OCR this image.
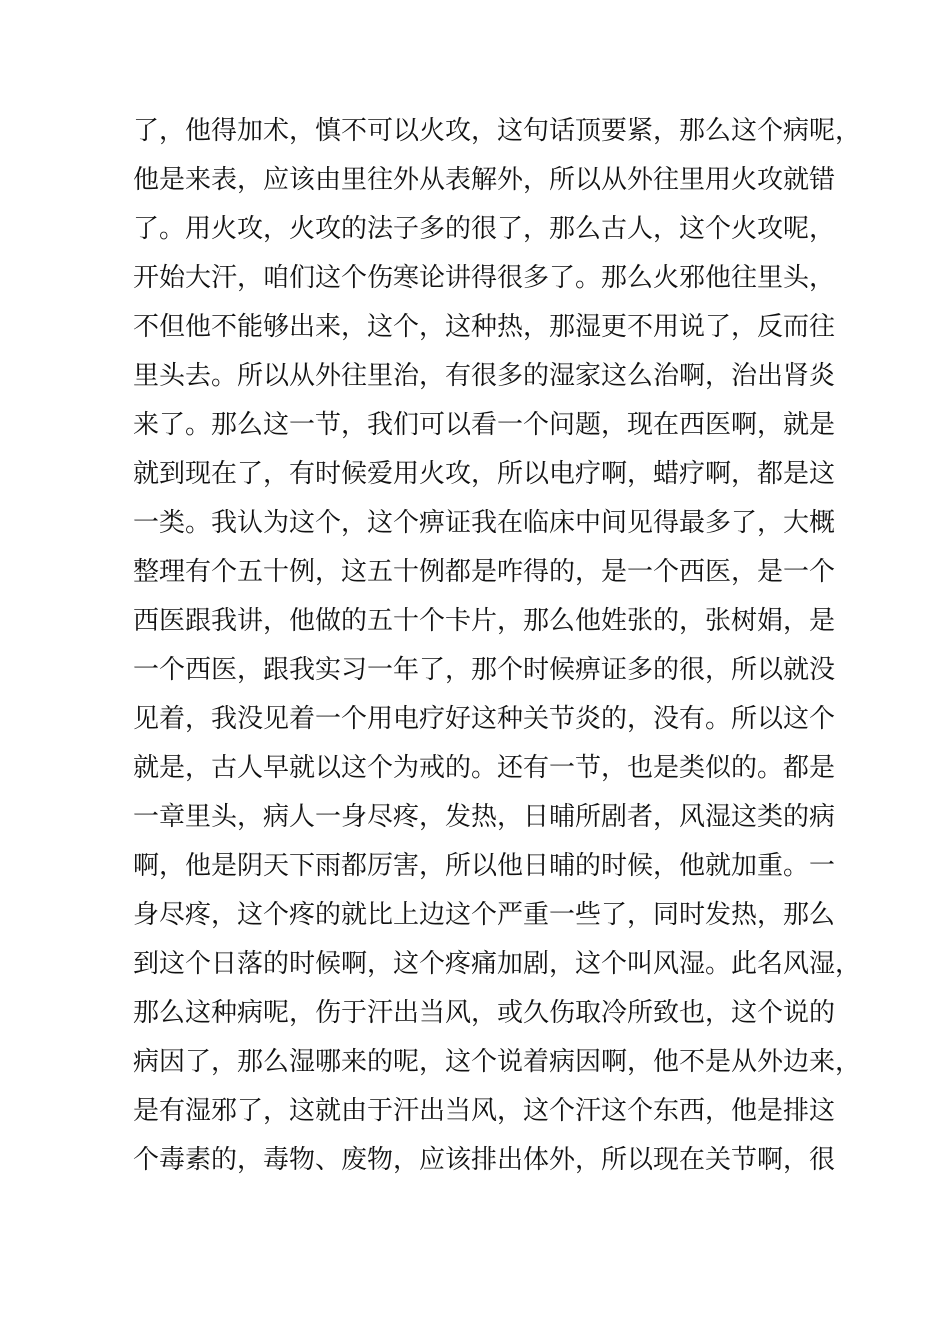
了，他得加术，慎不可以火攻，这句话顶要紧，那么这个病呢，
他是来表，应该由里往外从表解外，所以从外往里用火攻就错
了。用火攻，火攻的法子多的很了，那么古人，这个火攻呢，
开始大汗，咱们这个伤寒论讲得很多了。那么火邪他往里头，
不但他不能够出来，这个，这种热，那湿更不用说了，反而往
里头去。所以从外往里治，有很多的湿家这么治啊，治出肾炎
来了。那么这一节，我们可以看一个问题，现在西医啊，就是
就到现在了，有时候爱用火攻，所以电疗啊，蜡疗啊，都是这
一类。我认为这个，这个痹证我在临床中间见得最多了，大概
整理有个五十例，这五十例都是咋得的，是一个西医，是一个
西医跟我讲，他做的五十个卡片，那么他姓张的，张树娟，是
一个西医，跟我实习一年了，那个时候痹证多的很，所以就没
见着，我没见着一个用电疗好这种关节炎的，没有。所以这个
就是，古人早就以这个为戒的。还有一节，也是类似的。都是
一章里头，病人一身尽疼，发热，日晡所剧者，风湿这类的病
啊，他是阴天下雨都厉害，所以他日晡的时候，他就加重。一
身尽疼，这个疼的就比上边这个严重一些了，同时发热，那么
到这个日落的时候啊，这个疼痛加剧，这个叫风湿。此名风湿，
那么这种病呢，伤于汗出当风，或久伤取冷所致也，这个说的
病因了，那么湿哪来的呢，这个说着病因啊，他不是从外边来，
是有湿邪了，这就由于汗出当风，这个汗这个东西，他是排这
个毒素的，毒物、废物，应该排出体外，所以现在关节啊，很
